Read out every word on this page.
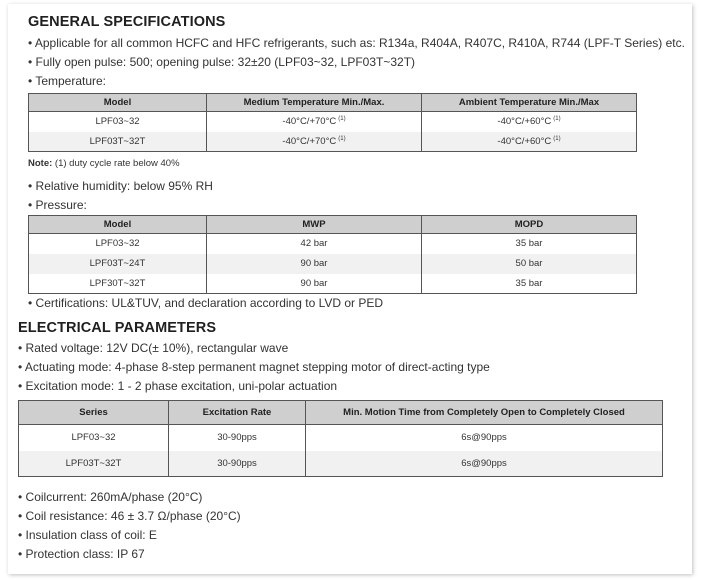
GENERAL SPECIFICATIONS
• Applicable for all common HCFC and HFC refrigerants, such as: R134a, R404A, R407C, R410A, R744 (LPF-T Series) etc.
• Fully open pulse: 500; opening pulse: 32±20 (LPF03~32, LPF03T~32T)
• Temperature:
Model	Medium Temperature Min./Max.	Ambient Temperature Min./Max
LPF03~32	-40°C/+70°C $^{(1)}$	-40°C/+60°C $^{(1)}$
LPF03T~32T	-40°C/+70°C $^{(1)}$	-40°C/+60°C $^{(1)}$
Note: (1) duty cycle rate below 40%
• Relative humidity: below 95% RH
• Pressure:
Model	MWP	MOPD
LPF03~32	42 bar	35 bar
LPF03T~24T	90 bar	50 bar
LPF30T~32T	90 bar	35 bar
• Certifications: UL&TUV, and declaration according to LVD or PED
ELECTRICAL PARAMETERS
• Rated voltage: 12V DC(± 10%), rectangular wave
• Actuating mode: 4-phase 8-step permanent magnet stepping motor of direct-acting type
• Excitation mode: 1 - 2 phase excitation, uni-polar actuation
Series	Excitation Rate	Min. Motion Time from Completely Open to Completely Closed
LPF03~32	30-90pps	6s@90pps
LPF03T~32T	30-90pps	6s@90pps
• Coilcurrent: 260mA/phase (20°C)
• Coil resistance: 46 ± 3.7 Ω/phase (20°C)
• Insulation class of coil: E
• Protection class: IP 67
